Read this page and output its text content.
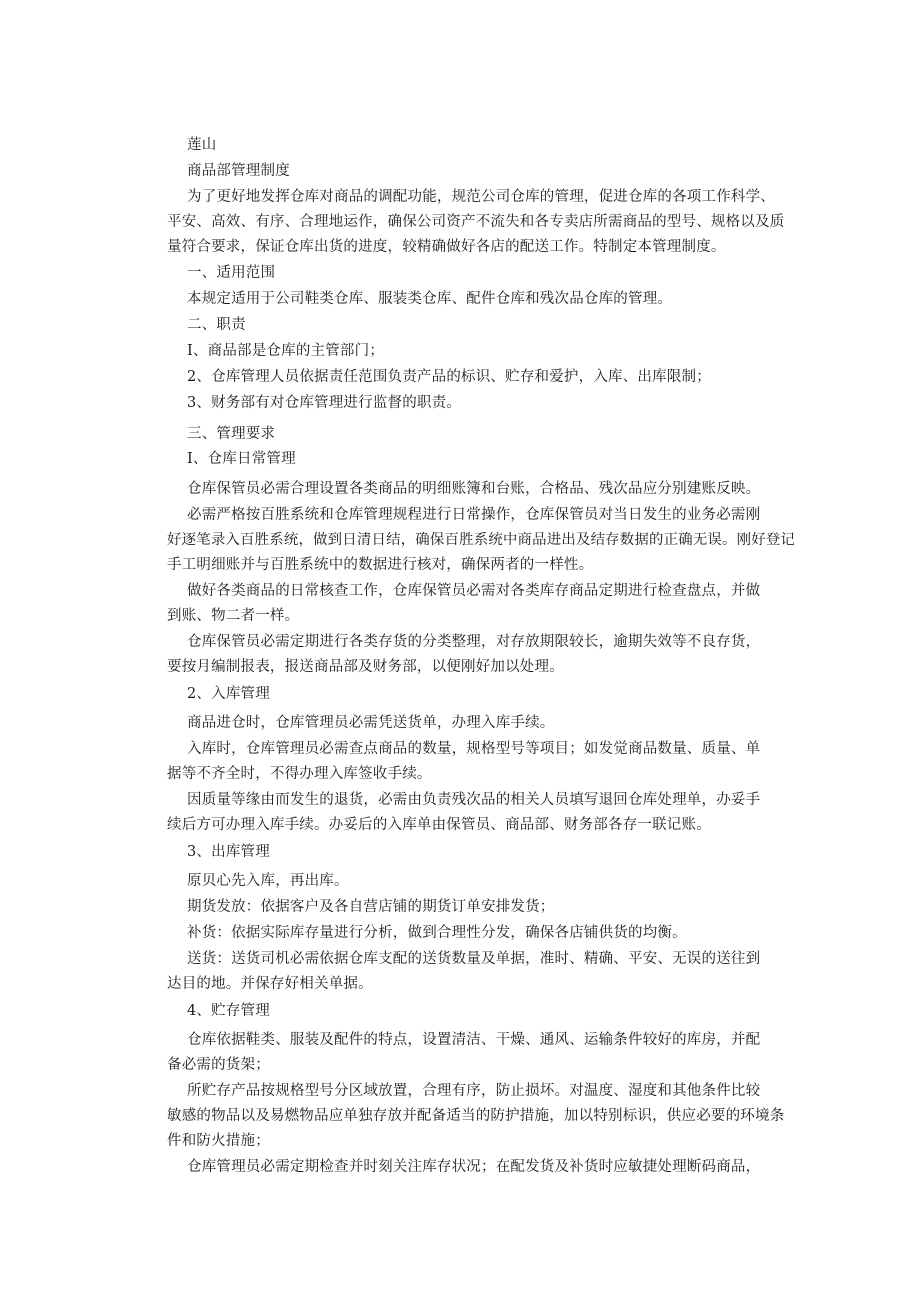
莲山

商品部管理制度

为了更好地发挥仓库对商品的调配功能，规范公司仓库的管理，促进仓库的各项工作科学、

平安、高效、有序、合理地运作，确保公司资产不流失和各专卖店所需商品的型号、规格以及质

量符合要求，保证仓库出货的进度，较精确做好各店的配送工作。特制定本管理制度。

一、适用范围

本规定适用于公司鞋类仓库、服装类仓库、配件仓库和残次品仓库的管理。

二、职责

I、商品部是仓库的主管部门；

2、仓库管理人员依据责任范围负责产品的标识、贮存和爱护，入库、出库限制；

3、财务部有对仓库管理进行监督的职责。

三、管理要求

I、仓库日常管理

仓库保管员必需合理设置各类商品的明细账簿和台账，合格品、残次品应分别建账反映。

必需严格按百胜系统和仓库管理规程进行日常操作，仓库保管员对当日发生的业务必需刚

好逐笔录入百胜系统，做到日清日结，确保百胜系统中商品进出及结存数据的正确无误。刚好登记

手工明细账并与百胜系统中的数据进行核对，确保两者的一样性。

做好各类商品的日常核查工作，仓库保管员必需对各类库存商品定期进行检查盘点，并做

到账、物二者一样。

仓库保管员必需定期进行各类存货的分类整理，对存放期限较长，逾期失效等不良存货，

要按月编制报表，报送商品部及财务部，以便刚好加以处理。

2、入库管理

商品进仓时，仓库管理员必需凭送货单，办理入库手续。

入库时，仓库管理员必需查点商品的数量，规格型号等项目；如发觉商品数量、质量、单

据等不齐全时，不得办理入库签收手续。

因质量等缘由而发生的退货，必需由负责残次品的相关人员填写退回仓库处理单，办妥手

续后方可办理入库手续。办妥后的入库单由保管员、商品部、财务部各存一联记账。

3、出库管理

原贝心先入库，再出库。

期货发放：依据客户及各自营店铺的期货订单安排发货；

补货：依据实际库存量进行分析，做到合理性分发，确保各店铺供货的均衡。

送货：送货司机必需依据仓库支配的送货数量及单据，准时、精确、平安、无误的送往到

达目的地。并保存好相关单据。

4、贮存管理

仓库依据鞋类、服装及配件的特点，设置清洁、干燥、通风、运输条件较好的库房，并配

备必需的货架；

所贮存产品按规格型号分区域放置，合理有序，防止损坏。对温度、湿度和其他条件比较

敏感的物品以及易燃物品应单独存放并配备适当的防护措施，加以特别标识，供应必要的环境条

件和防火措施；

仓库管理员必需定期检查并时刻关注库存状况；在配发货及补货时应敏捷处理断码商品，
